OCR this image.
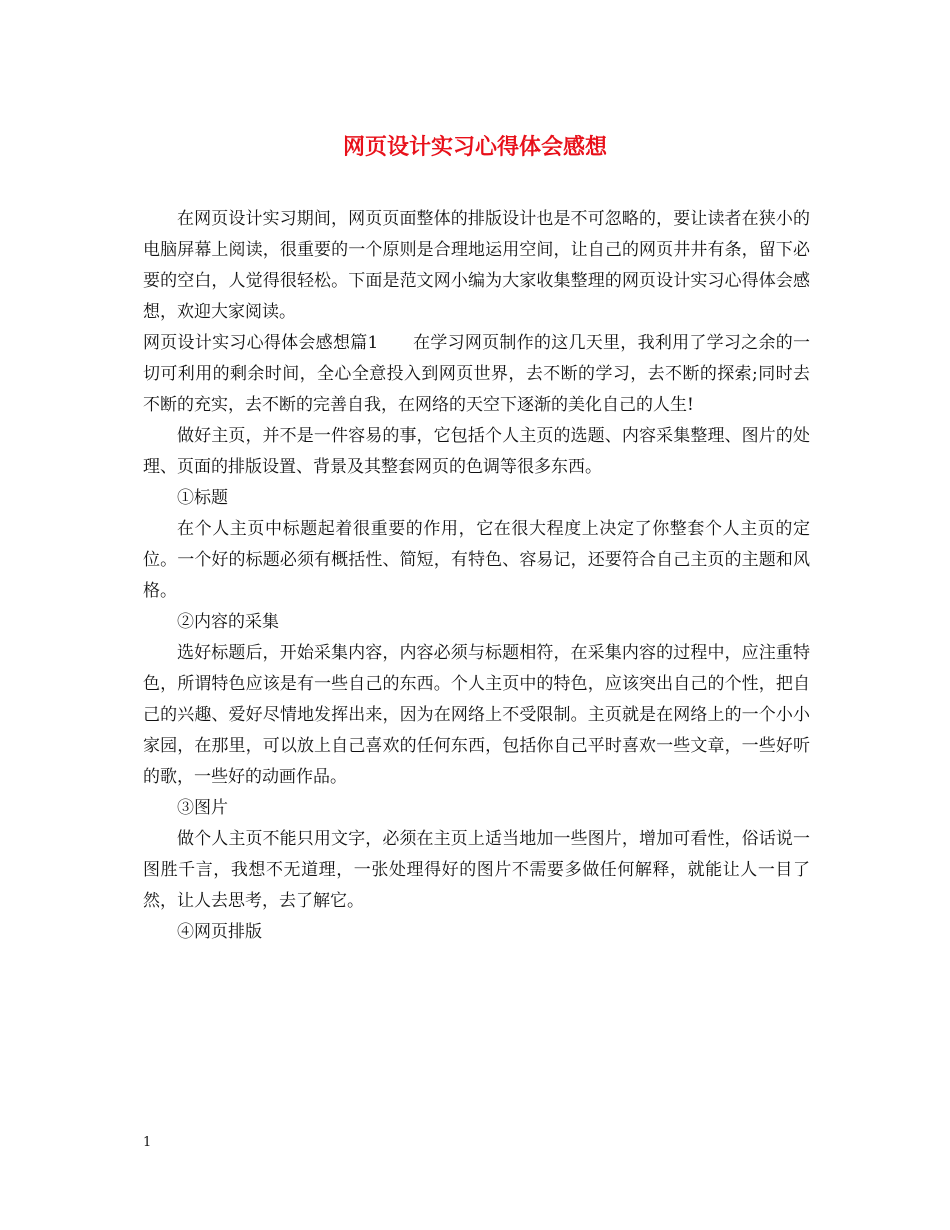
网页设计实习心得体会感想

在网页设计实习期间，网页页面整体的排版设计也是不可忽略的，要让读者在狭小的电脑屏幕上阅读，很重要的一个原则是合理地运用空间，让自己的网页井井有条，留下必要的空白，人觉得很轻松。下面是范文网小编为大家收集整理的网页设计实习心得体会感想，欢迎大家阅读。

网页设计实习心得体会感想篇1　　在学习网页制作的这几天里，我利用了学习之余的一切可利用的剩余时间，全心全意投入到网页世界，去不断的学习，去不断的探索;同时去不断的充实，去不断的完善自我，在网络的天空下逐渐的美化自己的人生!

做好主页，并不是一件容易的事，它包括个人主页的选题、内容采集整理、图片的处理、页面的排版设置、背景及其整套网页的色调等很多东西。

①标题

在个人主页中标题起着很重要的作用，它在很大程度上决定了你整套个人主页的定位。一个好的标题必须有概括性、简短，有特色、容易记，还要符合自己主页的主题和风格。

②内容的采集

选好标题后，开始采集内容，内容必须与标题相符，在采集内容的过程中，应注重特色，所谓特色应该是有一些自己的东西。个人主页中的特色，应该突出自己的个性，把自己的兴趣、爱好尽情地发挥出来，因为在网络上不受限制。主页就是在网络上的一个小小家园，在那里，可以放上自己喜欢的任何东西，包括你自己平时喜欢一些文章，一些好听的歌，一些好的动画作品。

③图片

做个人主页不能只用文字，必须在主页上适当地加一些图片，增加可看性，俗话说一图胜千言，我想不无道理，一张处理得好的图片不需要多做任何解释，就能让人一目了然，让人去思考，去了解它。

④网页排版

1
